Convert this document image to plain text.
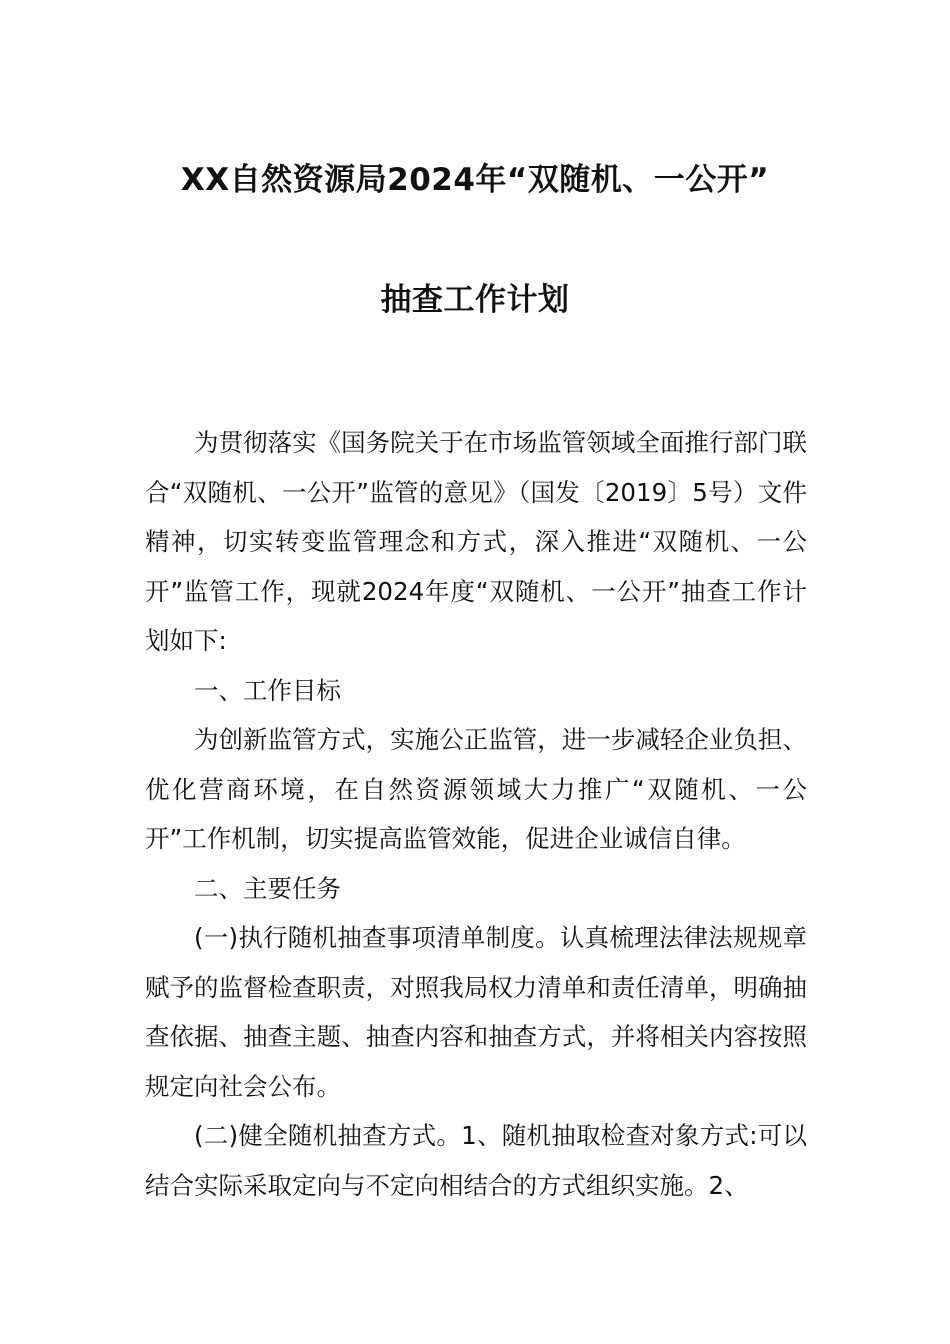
XX自然资源局2024年“双随机、一公开”
抽查工作计划

为贯彻落实《国务院关于在市场监管领域全面推行部门联合“双随机、一公开”监管的意见》（国发〔2019〕5号）文件精神，切实转变监管理念和方式，深入推进“双随机、一公开”监管工作，现就2024年度“双随机、一公开”抽查工作计划如下:

一、工作目标

为创新监管方式，实施公正监管，进一步减轻企业负担、优化营商环境，在自然资源领域大力推广“双随机、一公开”工作机制，切实提高监管效能，促进企业诚信自律。

二、主要任务

(一)执行随机抽查事项清单制度。认真梳理法律法规规章赋予的监督检查职责，对照我局权力清单和责任清单，明确抽查依据、抽查主题、抽查内容和抽查方式，并将相关内容按照规定向社会公布。

(二)健全随机抽查方式。1、随机抽取检查对象方式:可以结合实际采取定向与不定向相结合的方式组织实施。2、
